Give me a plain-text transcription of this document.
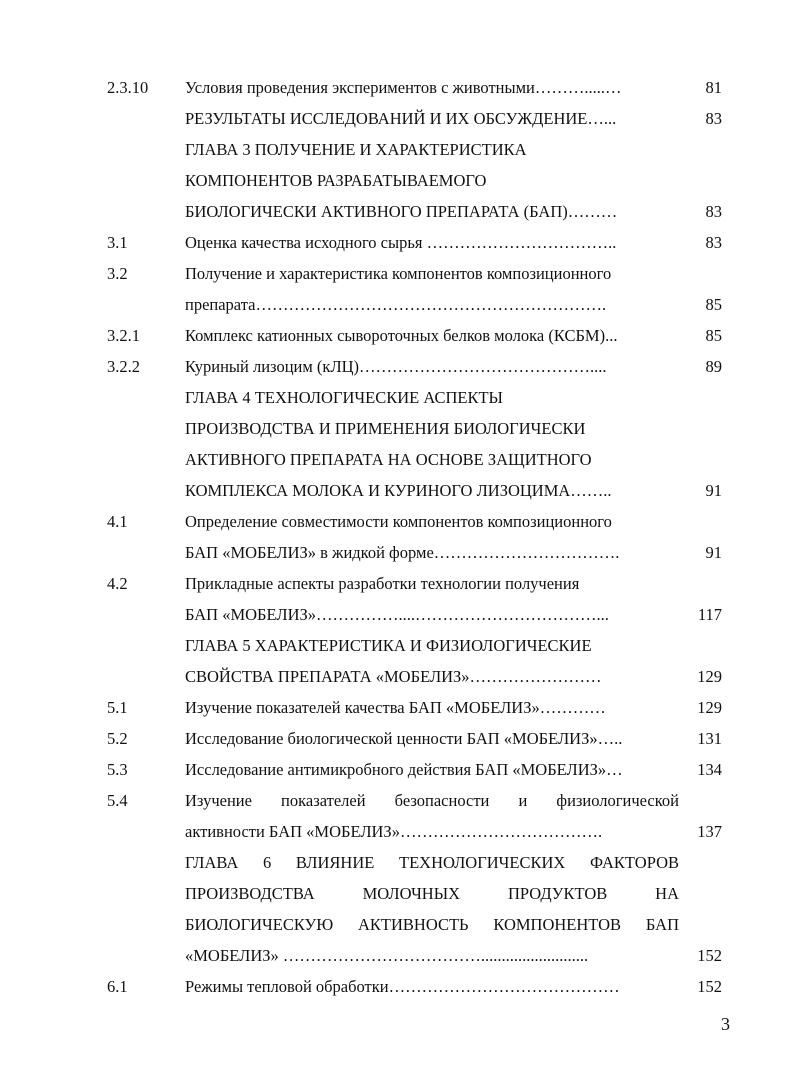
2.3.10 Условия проведения экспериментов с животными……….....…	81
РЕЗУЛЬТАТЫ ИССЛЕДОВАНИЙ И ИХ ОБСУЖДЕНИЕ…...	83
ГЛАВА 3 ПОЛУЧЕНИЕ И ХАРАКТЕРИСТИКА
КОМПОНЕНТОВ РАЗРАБАТЫВАЕМОГО
БИОЛОГИЧЕСКИ АКТИВНОГО ПРЕПАРАТА (БАП)………	83
3.1	Оценка качества исходного сырья ……………………………..	83
3.2	Получение и характеристика компонентов композиционного
препарата……………………………………………………….	85
3.2.1	Комплекс катионных сывороточных белков молока (КСБМ)...	85
3.2.2	Куриный лизоцим (кЛЦ)……………………………………....	89
ГЛАВА 4 ТЕХНОЛОГИЧЕСКИЕ АСПЕКТЫ
ПРОИЗВОДСТВА И ПРИМЕНЕНИЯ БИОЛОГИЧЕСКИ
АКТИВНОГО ПРЕПАРАТА НА ОСНОВЕ ЗАЩИТНОГО
КОМПЛЕКСА МОЛОКА И КУРИНОГО ЛИЗОЦИМА……..	91
4.1	Определение совместимости компонентов композиционного
БАП «МОБЕЛИЗ» в жидкой форме…………………………….	91
4.2	Прикладные аспекты разработки технологии получения
БАП «МОБЕЛИЗ»……………....……………………………...	117
ГЛАВА 5 ХАРАКТЕРИСТИКА И ФИЗИОЛОГИЧЕСКИЕ
СВОЙСТВА ПРЕПАРАТА «МОБЕЛИЗ»……………………	129
5.1	Изучение показателей качества БАП «МОБЕЛИЗ»…………	129
5.2	Исследование биологической ценности БАП «МОБЕЛИЗ»…..	131
5.3	Исследование антимикробного действия БАП «МОБЕЛИЗ»…	134
5.4	Изучение показателей безопасности и физиологической
активности БАП «МОБЕЛИЗ»……………………………….	137
ГЛАВА 6 ВЛИЯНИЕ ТЕХНОЛОГИЧЕСКИХ ФАКТОРОВ
ПРОИЗВОДСТВА МОЛОЧНЫХ ПРОДУКТОВ НА
БИОЛОГИЧЕСКУЮ АКТИВНОСТЬ КОМПОНЕНТОВ БАП
«МОБЕЛИЗ» ………………………………..........................	152
6.1	Режимы тепловой обработки……………………………………	152
3
